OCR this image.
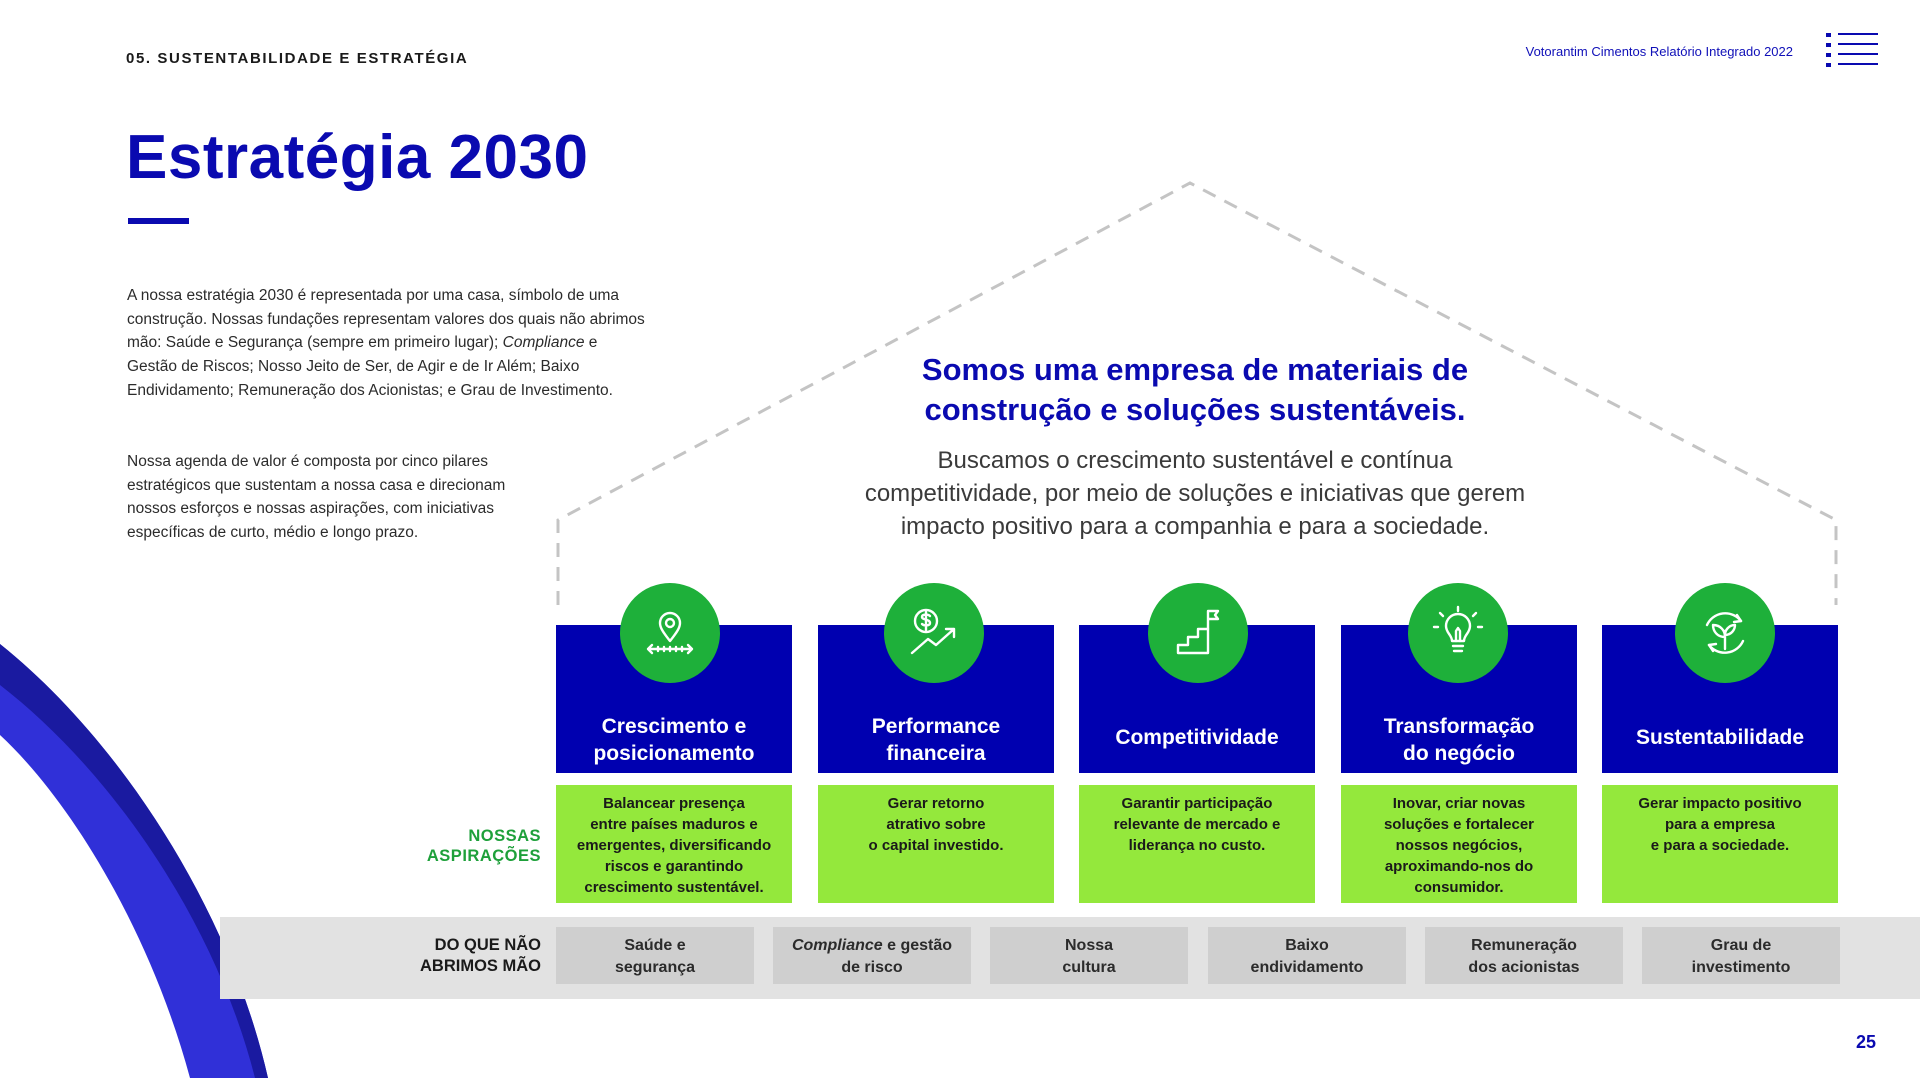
05. SUSTENTABILIDADE E ESTRATÉGIA	Votorantim Cimentos Relatório Integrado 2022
Estratégia 2030
A nossa estratégia 2030 é representada por uma casa, símbolo de uma construção. Nossas fundações representam valores dos quais não abrimos mão: Saúde e Segurança (sempre em primeiro lugar); Compliance e Gestão de Riscos; Nosso Jeito de Ser, de Agir e de Ir Além; Baixo Endividamento; Remuneração dos Acionistas; e Grau de Investimento.
Nossa agenda de valor é composta por cinco pilares estratégicos que sustentam a nossa casa e direcionam nossos esforços e nossas aspirações, com iniciativas específicas de curto, médio e longo prazo.
Somos uma empresa de materiais de
construção e soluções sustentáveis.
Buscamos o crescimento sustentável e contínua
competitividade, por meio de soluções e iniciativas que gerem
impacto positivo para a companhia e para a sociedade.
Crescimento e
posicionamento
Performance
financeira
Competitividade	Transformação
do negócio
Sustentabilidade
NOSSAS
ASPIRAÇÕES
Balancear presença
entre países maduros e
emergentes, diversificando
riscos e garantindo
crescimento sustentável.
Gerar retorno
atrativo sobre
o capital investido.
Garantir participação
relevante de mercado e
liderança no custo.
Inovar, criar novas
soluções e fortalecer
nossos negócios,
aproximando-nos do
consumidor.
Gerar impacto positivo
para a empresa
e para a sociedade.
DO QUE NÃO
ABRIMOS MÃO
Saúde e
segurança
Compliance e gestão
de risco
Nossa
cultura
Baixo
endividamento
Remuneração
dos acionistas
Grau de
investimento
25
